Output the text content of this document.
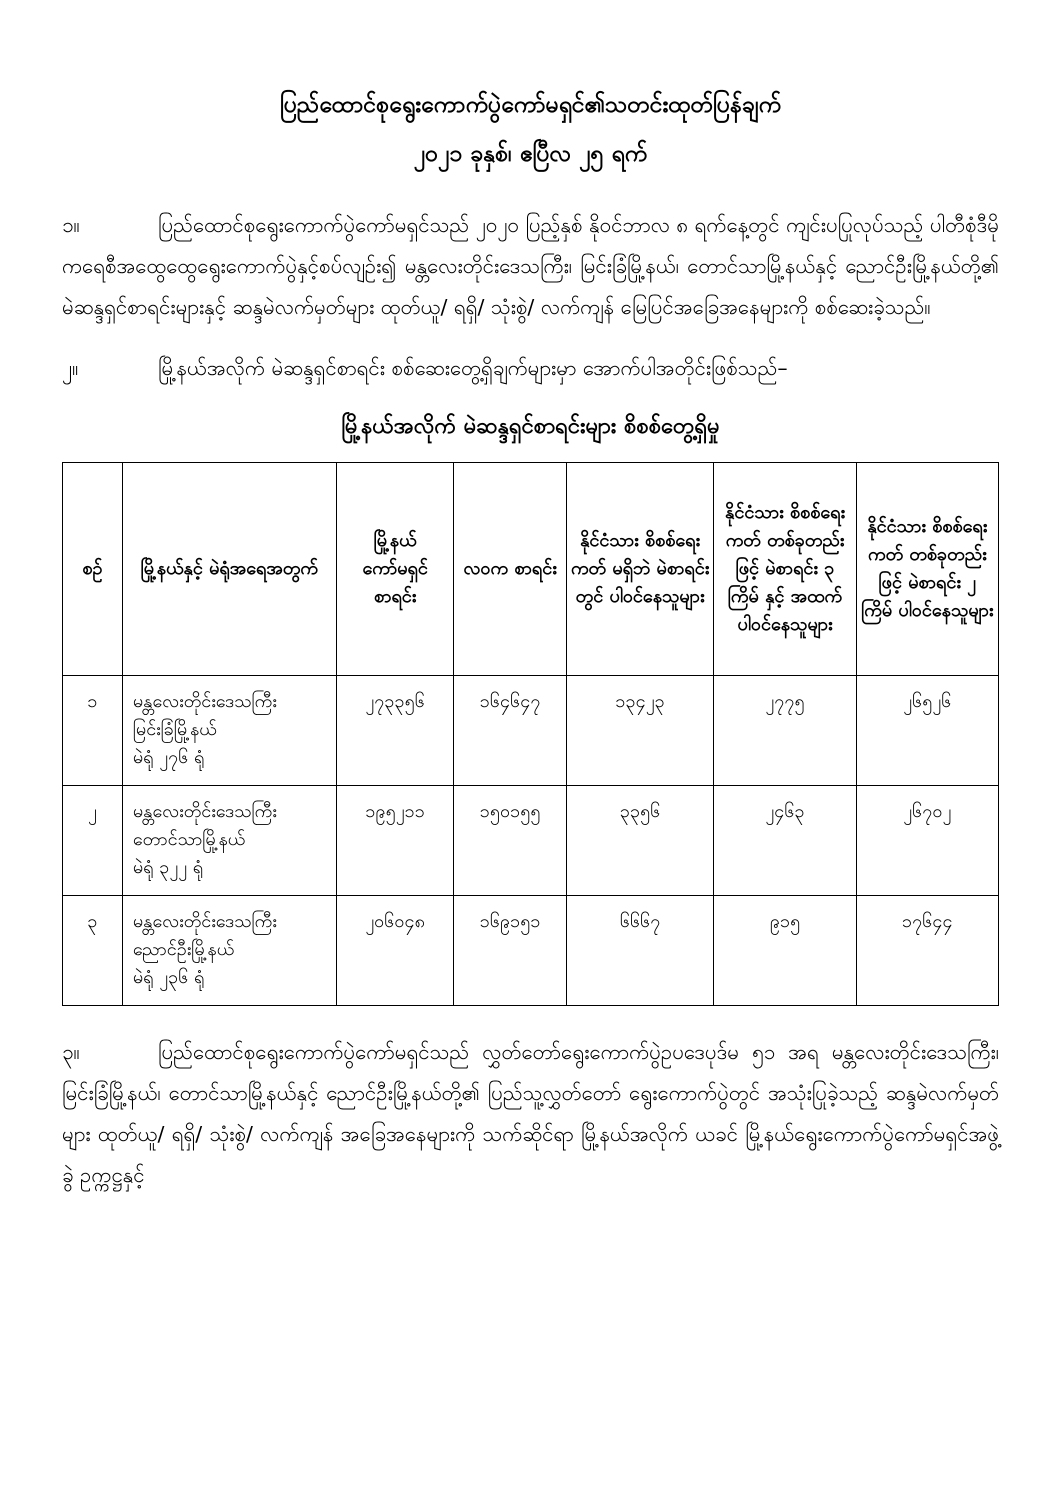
ပြည်ထောင်စုရွေးကောက်ပွဲကော်မရှင်၏သတင်းထုတ်ပြန်ချက်
၂၀၂၁ ခုနှစ်၊ ဧပြီလ ၂၅ ရက်
၁။	ပြည်ထောင်စုရွေးကောက်ပွဲကော်မရှင်သည် ၂၀၂၀ ပြည့်နှစ် နိုဝင်ဘာလ ၈ ရက်နေ့တွင် ကျင်းပပြုလုပ်သည့် ပါတီစုံဒီမိုကရေစီအထွေထွေရွေးကောက်ပွဲနှင့်စပ်လျဉ်း၍ မန္တလေးတိုင်းဒေသကြီး၊ မြင်းခြံမြို့နယ်၊ တောင်သာမြို့နယ်နှင့် ညောင်ဦးမြို့နယ်တို့၏ မဲဆန္ဒရှင်စာရင်းများနှင့် ဆန္ဒမဲလက်မှတ်များ ထုတ်ယူ/ ရရှိ/ သုံးစွဲ/ လက်ကျန် မြေပြင်အခြေအနေများကို စစ်ဆေးခဲ့သည်။
၂။	မြို့နယ်အလိုက် မဲဆန္ဒရှင်စာရင်း စစ်ဆေးတွေ့ရှိချက်များမှာ အောက်ပါအတိုင်းဖြစ်သည်–
မြို့နယ်အလိုက် မဲဆန္ဒရှင်စာရင်းများ စိစစ်တွေ့ရှိမှု
စဉ်	မြို့နယ်နှင့် မဲရုံအရေအတွက်	မြို့နယ် ကော်မရှင် စာရင်း	လဝက စာရင်း	နိုင်ငံသား စိစစ်ရေးကတ် မရှိဘဲ မဲစာရင်းတွင် ပါဝင်နေသူများ	နိုင်ငံသား စိစစ်ရေးကတ် တစ်ခုတည်းဖြင့် မဲစာရင်း ၃ ကြိမ် နှင့် အထက် ပါဝင်နေသူများ	နိုင်ငံသား စိစစ်ရေးကတ် တစ်ခုတည်းဖြင့် မဲစာရင်း ၂ ကြိမ် ပါဝင်နေသူများ
၁	မန္တလေးတိုင်းဒေသကြီး
မြင်းခြံမြို့နယ်
မဲရုံ ၂၇၆ ရုံ	၂၇၃၃၅၆	၁၆၄၆၄၇	၁၃၄၂၃	၂၇၇၅	၂၆၅၂၆
၂	မန္တလေးတိုင်းဒေသကြီး
တောင်သာမြို့နယ်
မဲရုံ ၃၂၂ ရုံ	၁၉၅၂၁၁	၁၅၀၁၅၅	၃၃၅၆	၂၄၆၃	၂၆၇၀၂
၃	မန္တလေးတိုင်းဒေသကြီး
ညောင်ဦးမြို့နယ်
မဲရုံ ၂၃၆ ရုံ	၂၀၆၀၄၈	၁၆၉၁၅၁	၆၆၆၇	၉၁၅	၁၇၆၄၄
၃။	ပြည်ထောင်စုရွေးကောက်ပွဲကော်မရှင်သည် လွှတ်တော်ရွေးကောက်ပွဲဥပဒေပုဒ်မ ၅၁ အရ မန္တလေးတိုင်းဒေသကြီး၊ မြင်းခြံမြို့နယ်၊ တောင်သာမြို့နယ်နှင့် ညောင်ဦးမြို့နယ်တို့၏ ပြည်သူ့လွှတ်တော် ရွေးကောက်ပွဲတွင် အသုံးပြုခဲ့သည့် ဆန္ဒမဲလက်မှတ်များ ထုတ်ယူ/ ရရှိ/ သုံးစွဲ/ လက်ကျန် အခြေအနေများကို သက်ဆိုင်ရာ မြို့နယ်အလိုက် ယခင် မြို့နယ်ရွေးကောက်ပွဲကော်မရှင်အဖွဲ့ခွဲ ဥက္ကဋ္ဌနှင့်
